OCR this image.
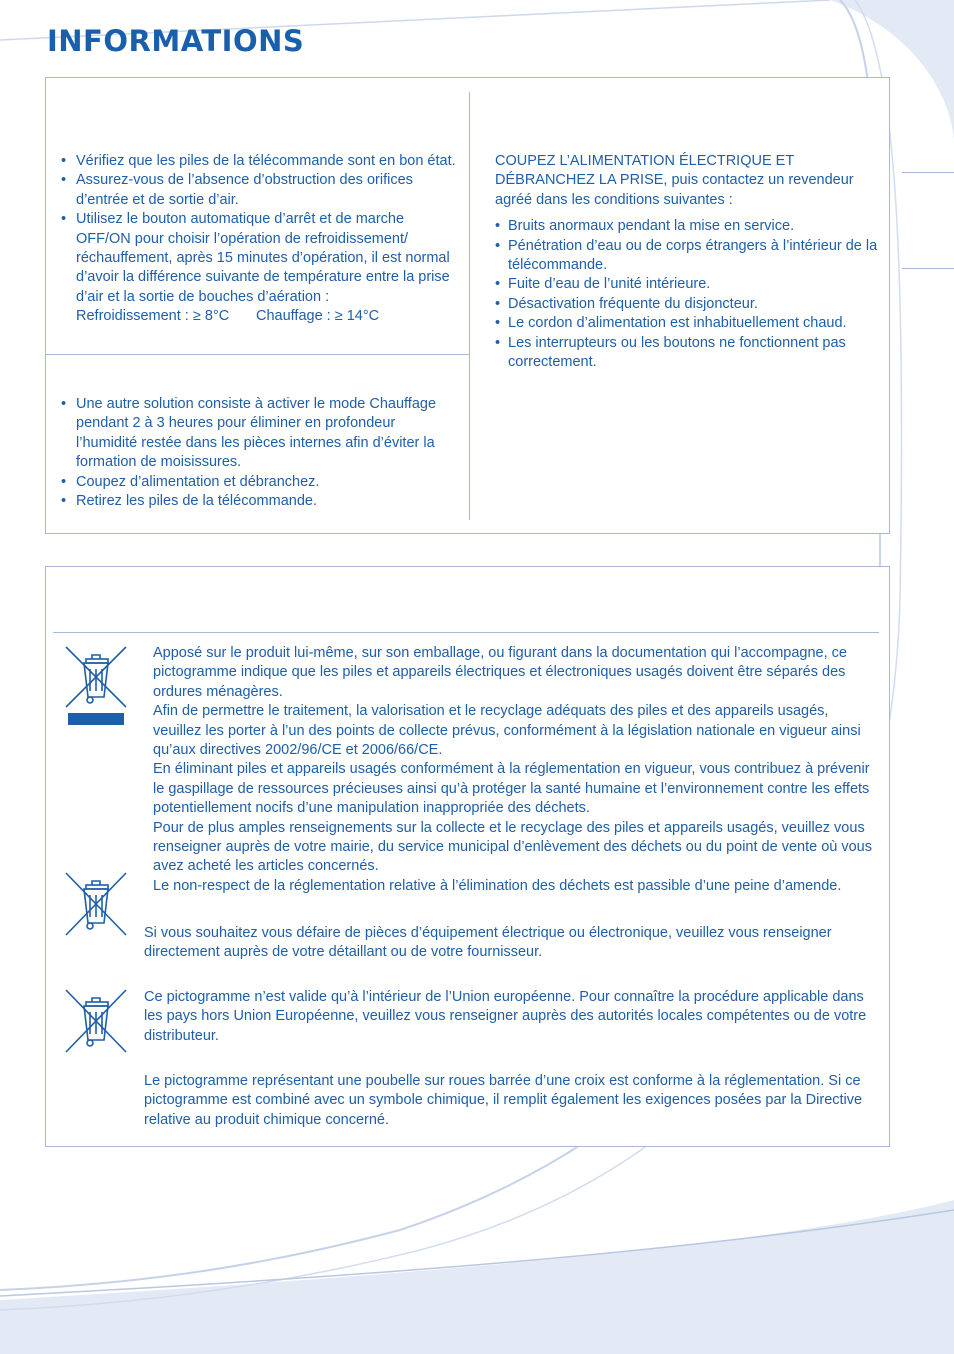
INFORMATIONS
• Vérifiez que les piles de la télécommande sont en bon état.
• Assurez-vous de l’absence d’obstruction des orifices d’entrée et de sortie d’air.
• Utilisez le bouton automatique d’arrêt et de marche OFF/ON pour choisir l’opération de refroidissement/ réchauffement, après 15 minutes d’opération, il est normal d’avoir la différence suivante de température entre la prise d’air et la sortie de bouches d’aération :
Refroidissement : ≥ 8°C Chauffage : ≥ 14°C
• Une autre solution consiste à activer le mode Chauffage pendant 2 à 3 heures pour éliminer en profondeur l’humidité restée dans les pièces internes afin d’éviter la formation de moisissures.
• Coupez d’alimentation et débranchez.
• Retirez les piles de la télécommande.

COUPEZ L’ALIMENTATION ÉLECTRIQUE ET DÉBRANCHEZ LA PRISE, puis contactez un revendeur agréé dans les conditions suivantes :

• Bruits anormaux pendant la mise en service.
• Pénétration d’eau ou de corps étrangers à l’intérieur de la télécommande.
• Fuite d’eau de l’unité intérieure.
• Désactivation fréquente du disjoncteur.
• Le cordon d’alimentation est inhabituellement chaud.
• Les interrupteurs ou les boutons ne fonctionnent pas correctement.
Apposé sur le produit lui-même, sur son emballage, ou figurant dans la documentation qui l’accompagne, ce pictogramme indique que les piles et appareils électriques et électroniques usagés doivent être séparés des ordures ménagères.
Afin de permettre le traitement, la valorisation et le recyclage adéquats des piles et des appareils usagés, veuillez les porter à l’un des points de collecte prévus, conformément à la législation nationale en vigueur ainsi qu’aux directives 2002/96/CE et 2006/66/CE.
En éliminant piles et appareils usagés conformément à la réglementation en vigueur, vous contribuez à prévenir le gaspillage de ressources précieuses ainsi qu’à protéger la santé humaine et l’environnement contre les effets potentiellement nocifs d’une manipulation inappropriée des déchets.
Pour de plus amples renseignements sur la collecte et le recyclage des piles et appareils usagés, veuillez vous renseigner auprès de votre mairie, du service municipal d’enlèvement des déchets ou du point de vente où vous avez acheté les articles concernés.
Le non-respect de la réglementation relative à l’élimination des déchets est passible d’une peine d’amende.

Si vous souhaitez vous défaire de pièces d’équipement électrique ou électronique, veuillez vous renseigner directement auprès de votre détaillant ou de votre fournisseur.

Ce pictogramme n’est valide qu’à l’intérieur de l’Union européenne. Pour connaître la procédure applicable dans les pays hors Union Européenne, veuillez vous renseigner auprès des autorités locales compétentes ou de votre distributeur.

Le pictogramme représentant une poubelle sur roues barrée d’une croix est conforme à la réglementation. Si ce pictogramme est combiné avec un symbole chimique, il remplit également les exigences posées par la Directive relative au produit chimique concerné.
